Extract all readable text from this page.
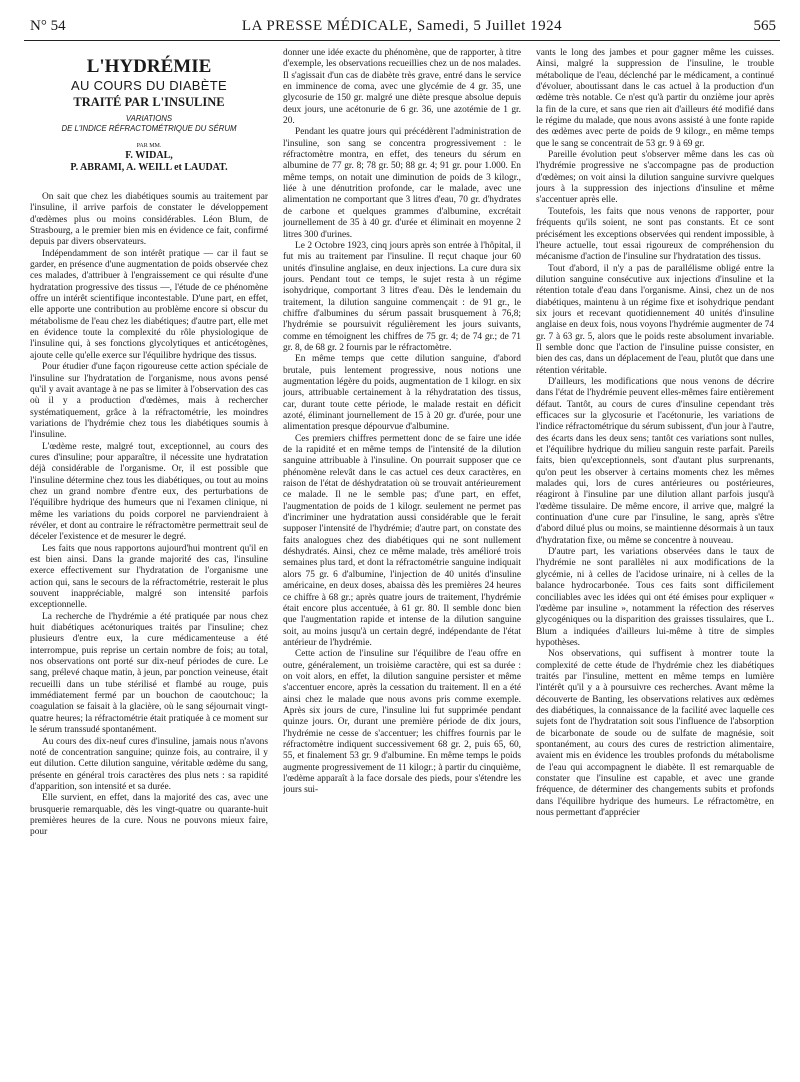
N° 54	LA PRESSE MÉDICALE, Samedi, 5 Juillet 1924	565
L'HYDRÉMIE
AU COURS DU DIABÈTE
TRAITÉ PAR L'INSULINE
VARIATIONS
DE L'INDICE RÉFRACTOMÉTRIQUE DU SÉRUM
PAR MM.
F. WIDAL,
P. ABRAMI, A. WEILL et LAUDAT.

On sait que chez les diabétiques soumis au traitement par l'insuline, il arrive parfois de constater le développement d'œdèmes plus ou moins considérables. Léon Blum, de Strasbourg, a le premier bien mis en évidence ce fait, confirmé depuis par divers observateurs.

Indépendamment de son intérêt pratique — car il faut se garder, en présence d'une augmentation de poids observée chez ces malades, d'attribuer à l'engraissement ce qui résulte d'une hydratation progressive des tissus —, l'étude de ce phénomène offre un intérêt scientifique incontestable. D'une part, en effet, elle apporte une contribution au problème encore si obscur du métabolisme de l'eau chez les diabétiques; d'autre part, elle met en évidence toute la complexité du rôle physiologique de l'insuline qui, à ses fonctions glycolytiques et anticétogènes, ajoute celle qu'elle exerce sur l'équilibre hydrique des tissus.

Pour étudier d'une façon rigoureuse cette action spéciale de l'insuline sur l'hydratation de l'organisme, nous avons pensé qu'il y avait avantage à ne pas se limiter à l'observation des cas où il y a production d'œdèmes, mais à rechercher systématiquement, grâce à la réfractométrie, les moindres variations de l'hydrémie chez tous les diabétiques soumis à l'insuline.

L'œdème reste, malgré tout, exceptionnel, au cours des cures d'insuline; pour apparaître, il nécessite une hydratation déjà considérable de l'organisme. Or, il est possible que l'insuline détermine chez tous les diabétiques, ou tout au moins chez un grand nombre d'entre eux, des perturbations de l'équilibre hydrique des humeurs que ni l'examen clinique, ni même les variations du poids corporel ne parviendraient à révéler, et dont au contraire le réfractomètre permettrait seul de déceler l'existence et de mesurer le degré.

Les faits que nous rapportons aujourd'hui montrent qu'il en est bien ainsi. Dans la grande majorité des cas, l'insuline exerce effectivement sur l'hydratation de l'organisme une action qui, sans le secours de la réfractométrie, resterait le plus souvent inappréciable, malgré son intensité parfois exceptionnelle.

La recherche de l'hydrémie a été pratiquée par nous chez huit diabétiques acétonuriques traités par l'insuline; chez plusieurs d'entre eux, la cure médicamenteuse a été interrompue, puis reprise un certain nombre de fois; au total, nos observations ont porté sur dix-neuf périodes de cure. Le sang, prélevé chaque matin, à jeun, par ponction veineuse, était recueilli dans un tube stérilisé et flambé au rouge, puis immédiatement fermé par un bouchon de caoutchouc; la coagulation se faisait à la glacière, où le sang séjournait vingt-quatre heures; la réfractométrie était pratiquée à ce moment sur le sérum transsudé spontanément.

Au cours des dix-neuf cures d'insuline, jamais nous n'avons noté de concentration sanguine; quinze fois, au contraire, il y eut dilution. Cette dilution sanguine, véritable œdème du sang, présente en général trois caractères des plus nets : sa rapidité d'apparition, son intensité et sa durée.

Elle survient, en effet, dans la majorité des cas, avec une brusquerie remarquable, dès les vingt-quatre ou quarante-huit premières heures de la cure. Nous ne pouvons mieux faire, pour

donner une idée exacte du phénomène, que de rapporter, à titre d'exemple, les observations recueillies chez un de nos malades. Il s'agissait d'un cas de diabète très grave, entré dans le service en imminence de coma, avec une glycémie de 4 gr. 35, une glycosurie de 150 gr. malgré une diète presque absolue depuis deux jours, une acétonurie de 6 gr. 36, une azotémie de 1 gr. 20.

Pendant les quatre jours qui précédèrent l'administration de l'insuline, son sang se concentra progressivement : le réfractomètre montra, en effet, des teneurs du sérum en albumine de 77 gr. 8; 78 gr. 50; 88 gr. 4; 91 gr. pour 1.000. En même temps, on notait une diminution de poids de 3 kilogr., liée à une dénutrition profonde, car le malade, avec une alimentation ne comportant que 3 litres d'eau, 70 gr. d'hydrates de carbone et quelques grammes d'albumine, excrétait journellement de 35 à 40 gr. d'urée et éliminait en moyenne 2 litres 300 d'urines.

Le 2 Octobre 1923, cinq jours après son entrée à l'hôpital, il fut mis au traitement par l'insuline. Il reçut chaque jour 60 unités d'insuline anglaise, en deux injections. La cure dura six jours. Pendant tout ce temps, le sujet resta à un régime isohydrique, comportant 3 litres d'eau. Dès le lendemain du traitement, la dilution sanguine commençait : de 91 gr., le chiffre d'albumines du sérum passait brusquement à 76,8; l'hydrémie se poursuivit régulièrement les jours suivants, comme en témoignent les chiffres de 75 gr. 4; de 74 gr.; de 71 gr. 8, de 68 gr. 2 fournis par le réfractomètre.

En même temps que cette dilution sanguine, d'abord brutale, puis lentement progressive, nous notions une augmentation légère du poids, augmentation de 1 kilogr. en six jours, attribuable certainement à la réhydratation des tissus, car, durant toute cette période, le malade restait en déficit azoté, éliminant journellement de 15 à 20 gr. d'urée, pour une alimentation presque dépourvue d'albumine.

Ces premiers chiffres permettent donc de se faire une idée de la rapidité et en même temps de l'intensité de la dilution sanguine attribuable à l'insuline. On pourrait supposer que ce phénomène relevât dans le cas actuel ces deux caractères, en raison de l'état de déshydratation où se trouvait antérieurement ce malade. Il ne le semble pas; d'une part, en effet, l'augmentation de poids de 1 kilogr. seulement ne permet pas d'incriminer une hydratation aussi considérable que le ferait supposer l'intensité de l'hydrémie; d'autre part, on constate des faits analogues chez des diabétiques qui ne sont nullement déshydratés. Ainsi, chez ce même malade, très amélioré trois semaines plus tard, et dont la réfractométrie sanguine indiquait alors 75 gr. 6 d'albumine, l'injection de 40 unités d'insuline américaine, en deux doses, abaissa dès les premières 24 heures ce chiffre à 68 gr.; après quatre jours de traitement, l'hydrémie était encore plus accentuée, à 61 gr. 80. Il semble donc bien que l'augmentation rapide et intense de la dilution sanguine soit, au moins jusqu'à un certain degré, indépendante de l'état antérieur de l'hydrémie.

Cette action de l'insuline sur l'équilibre de l'eau offre en outre, généralement, un troisième caractère, qui est sa durée : on voit alors, en effet, la dilution sanguine persister et même s'accentuer encore, après la cessation du traitement. Il en a été ainsi chez le malade que nous avons pris comme exemple. Après six jours de cure, l'insuline lui fut supprimée pendant quinze jours. Or, durant une première période de dix jours, l'hydrémie ne cesse de s'accentuer; les chiffres fournis par le réfractomètre indiquent successivement 68 gr. 2, puis 65, 60, 55, et finalement 53 gr. 9 d'albumine. En même temps le poids augmente progressivement de 11 kilogr.; à partir du cinquième, l'œdème apparaît à la face dorsale des pieds, pour s'étendre les jours sui-

vants le long des jambes et pour gagner même les cuisses. Ainsi, malgré la suppression de l'insuline, le trouble métabolique de l'eau, déclenché par le médicament, a continué d'évoluer, aboutissant dans le cas actuel à la production d'un œdème très notable. Ce n'est qu'à partir du onzième jour après la fin de la cure, et sans que rien ait d'ailleurs été modifié dans le régime du malade, que nous avons assisté à une fonte rapide des œdèmes avec perte de poids de 9 kilogr., en même temps que le sang se concentrait de 53 gr. 9 à 69 gr.

Pareille évolution peut s'observer même dans les cas où l'hydrémie progressive ne s'accompagne pas de production d'œdèmes; on voit ainsi la dilution sanguine survivre quelques jours à la suppression des injections d'insuline et même s'accentuer après elle.

Toutefois, les faits que nous venons de rapporter, pour fréquents qu'ils soient, ne sont pas constants. Et ce sont précisément les exceptions observées qui rendent impossible, à l'heure actuelle, tout essai rigoureux de compréhension du mécanisme d'action de l'insuline sur l'hydratation des tissus.

Tout d'abord, il n'y a pas de parallélisme obligé entre la dilution sanguine consécutive aux injections d'insuline et la rétention totale d'eau dans l'organisme. Ainsi, chez un de nos diabétiques, maintenu à un régime fixe et isohydrique pendant six jours et recevant quotidiennement 40 unités d'insuline anglaise en deux fois, nous voyons l'hydrémie augmenter de 74 gr. 7 à 63 gr. 5, alors que le poids reste absolument invariable. Il semble donc que l'action de l'insuline puisse consister, en bien des cas, dans un déplacement de l'eau, plutôt que dans une rétention véritable.

D'ailleurs, les modifications que nous venons de décrire dans l'état de l'hydrémie peuvent elles-mêmes faire entièrement défaut. Tantôt, au cours de cures d'insuline cependant très efficaces sur la glycosurie et l'acétonurie, les variations de l'indice réfractométrique du sérum subissent, d'un jour à l'autre, des écarts dans les deux sens; tantôt ces variations sont nulles, et l'équilibre hydrique du milieu sanguin reste parfait. Pareils faits, bien qu'exceptionnels, sont d'autant plus surprenants, qu'on peut les observer à certains moments chez les mêmes malades qui, lors de cures antérieures ou postérieures, réagiront à l'insuline par une dilution allant parfois jusqu'à l'œdème tissulaire. De même encore, il arrive que, malgré la continuation d'une cure par l'insuline, le sang, après s'être d'abord dilué plus ou moins, se maintienne désormais à un taux d'hydratation fixe, ou même se concentre à nouveau.

D'autre part, les variations observées dans le taux de l'hydrémie ne sont parallèles ni aux modifications de la glycémie, ni à celles de l'acidose urinaire, ni à celles de la balance hydrocarbonée. Tous ces faits sont difficilement conciliables avec les idées qui ont été émises pour expliquer « l'œdème par insuline », notamment la réfection des réserves glycogéniques ou la disparition des graisses tissulaires, que L. Blum a indiquées d'ailleurs lui-même à titre de simples hypothèses.

Nos observations, qui suffisent à montrer toute la complexité de cette étude de l'hydrémie chez les diabétiques traités par l'insuline, mettent en même temps en lumière l'intérêt qu'il y a à poursuivre ces recherches. Avant même la découverte de Banting, les observations relatives aux œdèmes des diabétiques, la connaissance de la facilité avec laquelle ces sujets font de l'hydratation soit sous l'influence de l'absorption de bicarbonate de soude ou de sulfate de magnésie, soit spontanément, au cours des cures de restriction alimentaire, avaient mis en évidence les troubles profonds du métabolisme de l'eau qui accompagnent le diabète. Il est remarquable de constater que l'insuline est capable, et avec une grande fréquence, de déterminer des changements subits et profonds dans l'équilibre hydrique des humeurs. Le réfractomètre, en nous permettant d'apprécier
